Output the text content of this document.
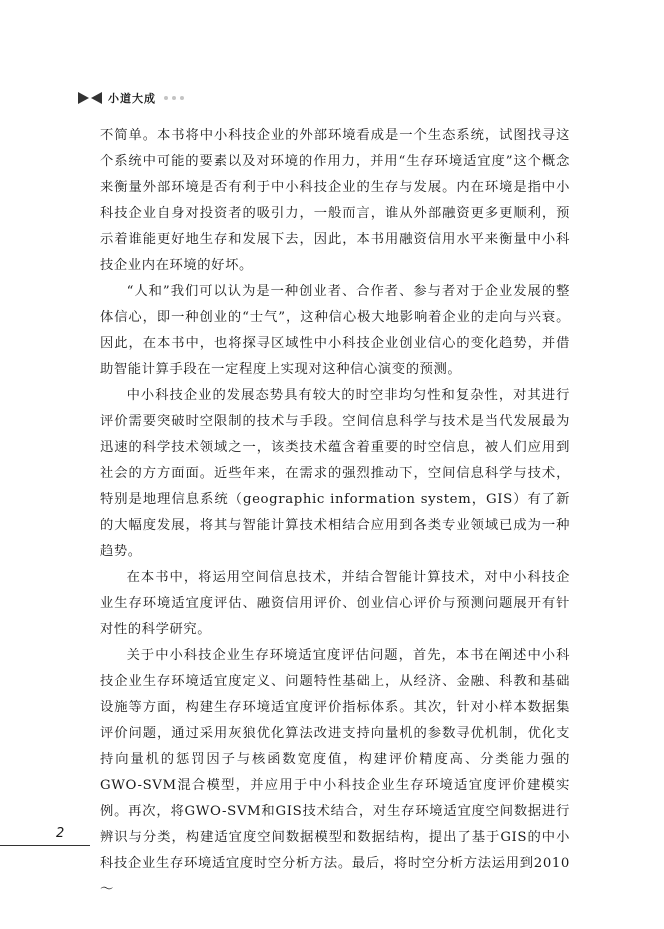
小道大成

不简单。本书将中小科技企业的外部环境看成是一个生态系统，试图找寻这个系统中可能的要素以及对环境的作用力，并用“生存环境适宜度”这个概念来衡量外部环境是否有利于中小科技企业的生存与发展。内在环境是指中小科技企业自身对投资者的吸引力，一般而言，谁从外部融资更多更顺利，预示着谁能更好地生存和发展下去，因此，本书用融资信用水平来衡量中小科技企业内在环境的好坏。

“人和”我们可以认为是一种创业者、合作者、参与者对于企业发展的整体信心，即一种创业的“士气”，这种信心极大地影响着企业的走向与兴衰。因此，在本书中，也将探寻区域性中小科技企业创业信心的变化趋势，并借助智能计算手段在一定程度上实现对这种信心演变的预测。

中小科技企业的发展态势具有较大的时空非均匀性和复杂性，对其进行评价需要突破时空限制的技术与手段。空间信息科学与技术是当代发展最为迅速的科学技术领域之一，该类技术蕴含着重要的时空信息，被人们应用到社会的方方面面。近些年来，在需求的强烈推动下，空间信息科学与技术，特别是地理信息系统（geographic information system，GIS）有了新的大幅度发展，将其与智能计算技术相结合应用到各类专业领域已成为一种趋势。

在本书中，将运用空间信息技术，并结合智能计算技术，对中小科技企业生存环境适宜度评估、融资信用评价、创业信心评价与预测问题展开有针对性的科学研究。

关于中小科技企业生存环境适宜度评估问题，首先，本书在阐述中小科技企业生存环境适宜度定义、问题特性基础上，从经济、金融、科教和基础设施等方面，构建生存环境适宜度评价指标体系。其次，针对小样本数据集评价问题，通过采用灰狼优化算法改进支持向量机的参数寻优机制，优化支持向量机的惩罚因子与核函数宽度值，构建评价精度高、分类能力强的GWO-SVM混合模型，并应用于中小科技企业生存环境适宜度评价建模实例。再次，将GWO-SVM和GIS技术结合，对生存环境适宜度空间数据进行辨识与分类，构建适宜度空间数据模型和数据结构，提出了基于GIS的中小科技企业生存环境适宜度时空分析方法。最后，将时空分析方法运用到2010～

2
